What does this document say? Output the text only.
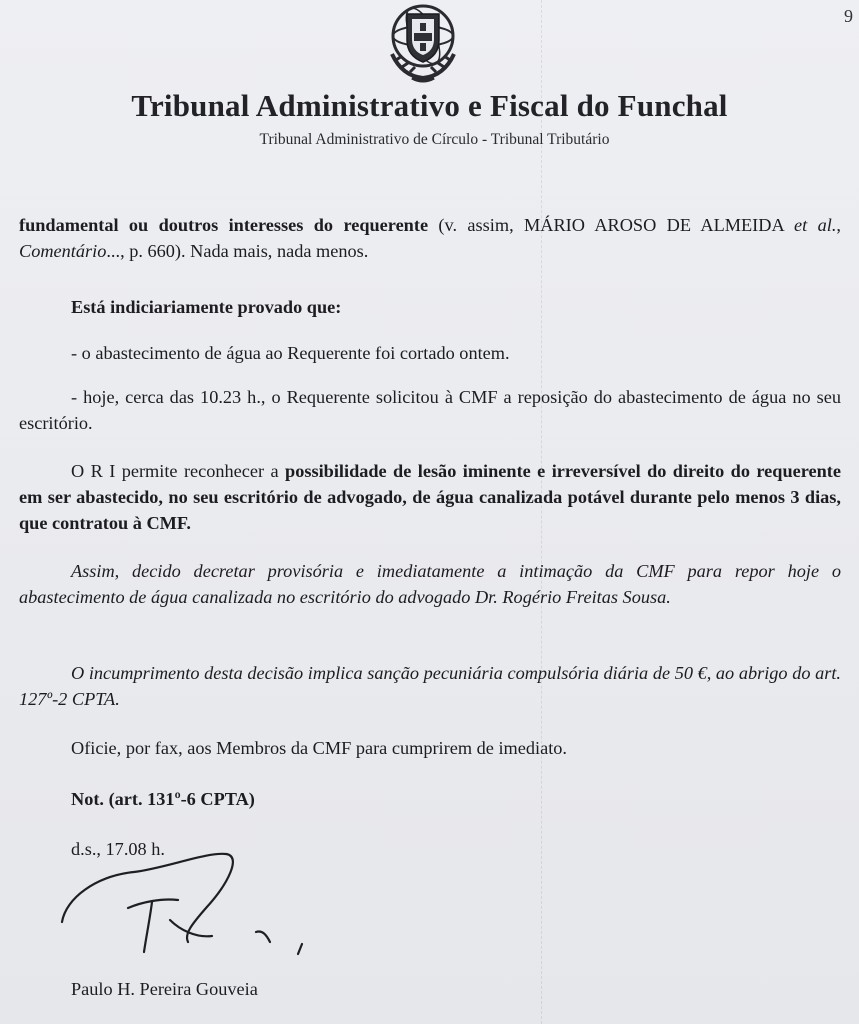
9
Tribunal Administrativo e Fiscal do Funchal
Tribunal Administrativo de Círculo - Tribunal Tributário

fundamental ou doutros interesses do requerente (v. assim, MÁRIO AROSO DE ALMEIDA et al., Comentário..., p. 660). Nada mais, nada menos.

Está indiciariamente provado que:

- o abastecimento de água ao Requerente foi cortado ontem.

- hoje, cerca das 10.23 h., o Requerente solicitou à CMF a reposição do abastecimento de água no seu escritório.

O R I permite reconhecer a possibilidade de lesão iminente e irreversível do direito do requerente em ser abastecido, no seu escritório de advogado, de água canalizada potável durante pelo menos 3 dias, que contratou à CMF.

Assim, decido decretar provisória e imediatamente a intimação da CMF para repor hoje o abastecimento de água canalizada no escritório do advogado Dr. Rogério Freitas Sousa.

O incumprimento desta decisão implica sanção pecuniária compulsória diária de 50 €, ao abrigo do art. 127º-2 CPTA.

Oficie, por fax, aos Membros da CMF para cumprirem de imediato.

Not. (art. 131º-6 CPTA)

d.s., 17.08 h.

Paulo H. Pereira Gouveia
